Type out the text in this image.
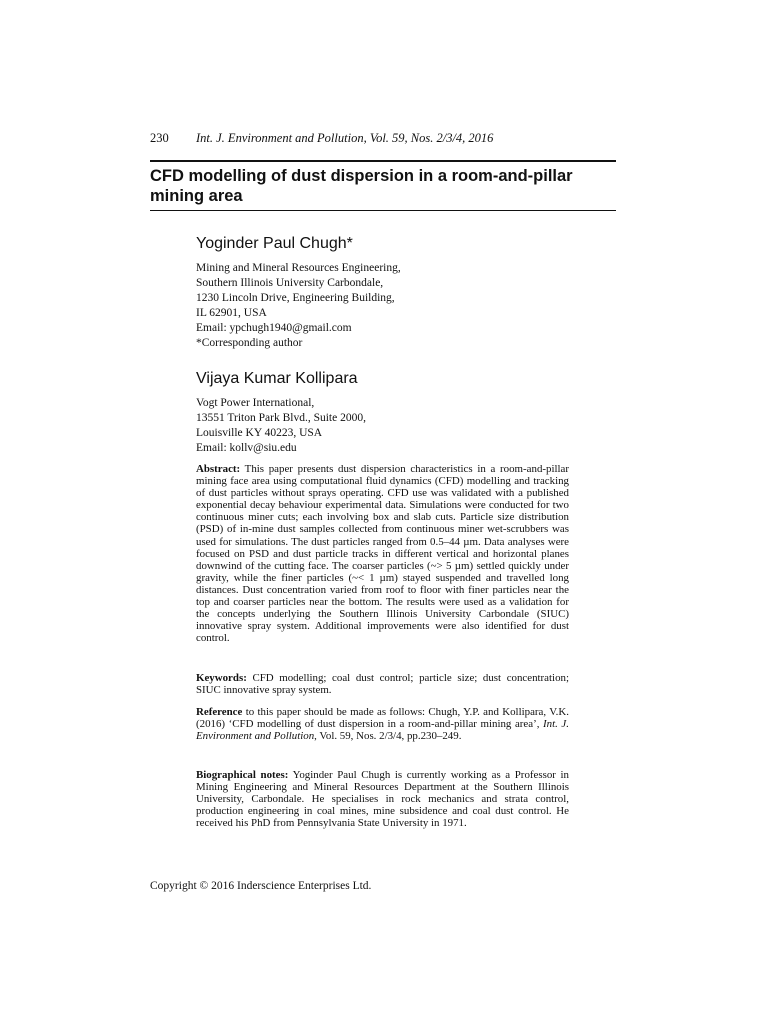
230 Int. J. Environment and Pollution, Vol. 59, Nos. 2/3/4, 2016
CFD modelling of dust dispersion in a room-and-pillar mining area
Yoginder Paul Chugh*
Mining and Mineral Resources Engineering,
Southern Illinois University Carbondale,
1230 Lincoln Drive, Engineering Building,
IL 62901, USA
Email: ypchugh1940@gmail.com
*Corresponding author
Vijaya Kumar Kollipara
Vogt Power International,
13551 Triton Park Blvd., Suite 2000,
Louisville KY 40223, USA
Email: kollv@siu.edu

Abstract: This paper presents dust dispersion characteristics in a room-and-pillar mining face area using computational fluid dynamics (CFD) modelling and tracking of dust particles without sprays operating. CFD use was validated with a published exponential decay behaviour experimental data. Simulations were conducted for two continuous miner cuts; each involving box and slab cuts. Particle size distribution (PSD) of in-mine dust samples collected from continuous miner wet-scrubbers was used for simulations. The dust particles ranged from 0.5–44 µm. Data analyses were focused on PSD and dust particle tracks in different vertical and horizontal planes downwind of the cutting face. The coarser particles (~> 5 µm) settled quickly under gravity, while the finer particles (~< 1 µm) stayed suspended and travelled long distances. Dust concentration varied from roof to floor with finer particles near the top and coarser particles near the bottom. The results were used as a validation for the concepts underlying the Southern Illinois University Carbondale (SIUC) innovative spray system. Additional improvements were also identified for dust control.

Keywords: CFD modelling; coal dust control; particle size; dust concentration; SIUC innovative spray system.

Reference to this paper should be made as follows: Chugh, Y.P. and Kollipara, V.K. (2016) ‘CFD modelling of dust dispersion in a room-and-pillar mining area’, Int. J. Environment and Pollution, Vol. 59, Nos. 2/3/4, pp.230–249.

Biographical notes: Yoginder Paul Chugh is currently working as a Professor in Mining Engineering and Mineral Resources Department at the Southern Illinois University, Carbondale. He specialises in rock mechanics and strata control, production engineering in coal mines, mine subsidence and coal dust control. He received his PhD from Pennsylvania State University in 1971.

Copyright © 2016 Inderscience Enterprises Ltd.
